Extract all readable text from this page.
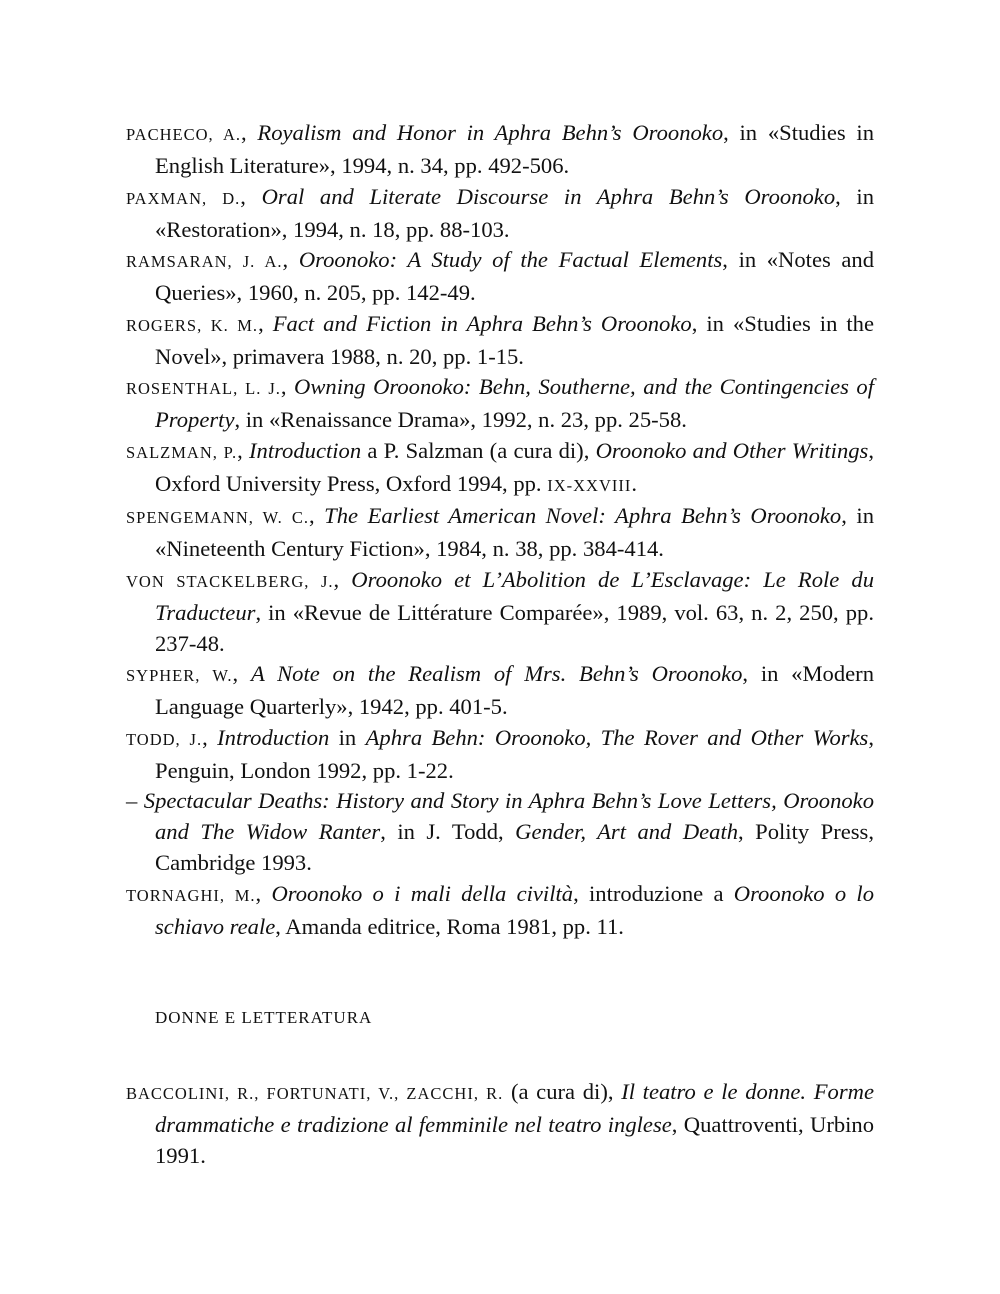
PACHECO, A., Royalism and Honor in Aphra Behn’s Oroonoko, in «Studies in English Literature», 1994, n. 34, pp. 492-506.

PAXMAN, D., Oral and Literate Discourse in Aphra Behn’s Oroonoko, in «Restoration», 1994, n. 18, pp. 88-103.

RAMSARAN, J. A., Oroonoko: A Study of the Factual Elements, in «Notes and Queries», 1960, n. 205, pp. 142-49.

ROGERS, K. M., Fact and Fiction in Aphra Behn’s Oroonoko, in «Studies in the Novel», primavera 1988, n. 20, pp. 1-15.

ROSENTHAL, L. J., Owning Oroonoko: Behn, Southerne, and the Contingencies of Property, in «Renaissance Drama», 1992, n. 23, pp. 25-58.

SALZMAN, P., Introduction a P. Salzman (a cura di), Oroonoko and Other Writings, Oxford University Press, Oxford 1994, pp. IX-XXVIII.

SPENGEMANN, W. C., The Earliest American Novel: Aphra Behn’s Oroonoko, in «Nineteenth Century Fiction», 1984, n. 38, pp. 384-414.

VON STACKELBERG, J., Oroonoko et L’Abolition de L’Esclavage: Le Role du Traducteur, in «Revue de Littérature Comparée», 1989, vol. 63, n. 2, 250, pp. 237-48.

SYPHER, W., A Note on the Realism of Mrs. Behn’s Oroonoko, in «Modern Language Quarterly», 1942, pp. 401-5.

TODD, J., Introduction in Aphra Behn: Oroonoko, The Rover and Other Works, Penguin, London 1992, pp. 1-22.

– Spectacular Deaths: History and Story in Aphra Behn’s Love Letters, Oroonoko and The Widow Ranter, in J. Todd, Gender, Art and Death, Polity Press, Cambridge 1993.

TORNAGHI, M., Oroonoko o i mali della civiltà, introduzione a Oroonoko o lo schiavo reale, Amanda editrice, Roma 1981, pp. 11.

DONNE E LETTERATURA

BACCOLINI, R., FORTUNATI, V., ZACCHI, R. (a cura di), Il teatro e le donne. Forme drammatiche e tradizione al femminile nel teatro inglese, Quattroventi, Urbino 1991.
